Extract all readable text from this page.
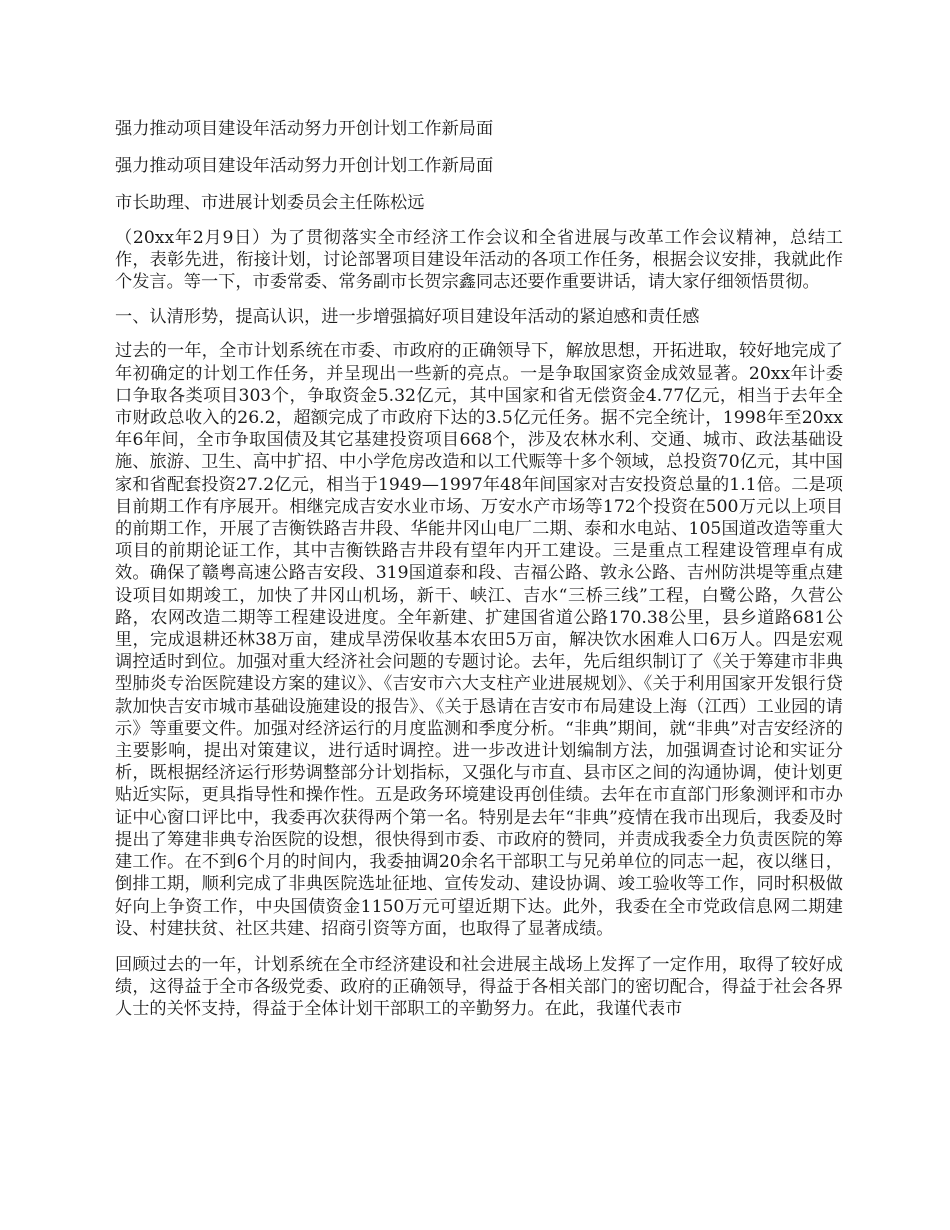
强力推动项目建设年活动努力开创计划工作新局面

强力推动项目建设年活动努力开创计划工作新局面

市长助理、市进展计划委员会主任陈松远

（20xx年2月9日）为了贯彻落实全市经济工作会议和全省进展与改革工作会议精神，总结工作，表彰先进，衔接计划，讨论部署项目建设年活动的各项工作任务，根据会议安排，我就此作个发言。等一下，市委常委、常务副市长贺宗鑫同志还要作重要讲话，请大家仔细领悟贯彻。

一、认清形势，提高认识，进一步增强搞好项目建设年活动的紧迫感和责任感

过去的一年，全市计划系统在市委、市政府的正确领导下，解放思想，开拓进取，较好地完成了年初确定的计划工作任务，并呈现出一些新的亮点。一是争取国家资金成效显著。20xx年计委口争取各类项目303个，争取资金5.32亿元，其中国家和省无偿资金4.77亿元，相当于去年全市财政总收入的26.2，超额完成了市政府下达的3.5亿元任务。据不完全统计，1998年至20xx年6年间，全市争取国债及其它基建投资项目668个，涉及农林水利、交通、城市、政法基础设施、旅游、卫生、高中扩招、中小学危房改造和以工代赈等十多个领域，总投资70亿元，其中国家和省配套投资27.2亿元，相当于1949—1997年48年间国家对吉安投资总量的1.1倍。二是项目前期工作有序展开。相继完成吉安水业市场、万安水产市场等172个投资在500万元以上项目的前期工作，开展了吉衡铁路吉井段、华能井冈山电厂二期、泰和水电站、105国道改造等重大项目的前期论证工作，其中吉衡铁路吉井段有望年内开工建设。三是重点工程建设管理卓有成效。确保了赣粤高速公路吉安段、319国道泰和段、吉福公路、敦永公路、吉州防洪堤等重点建设项目如期竣工，加快了井冈山机场，新干、峡江、吉水“三桥三线”工程，白鹭公路，久营公路，农网改造二期等工程建设进度。全年新建、扩建国省道公路170.38公里，县乡道路681公里，完成退耕还林38万亩，建成旱涝保收基本农田5万亩，解决饮水困难人口6万人。四是宏观调控适时到位。加强对重大经济社会问题的专题讨论。去年，先后组织制订了《关于筹建市非典型肺炎专治医院建设方案的建议》、《吉安市六大支柱产业进展规划》、《关于利用国家开发银行贷款加快吉安市城市基础设施建设的报告》、《关于恳请在吉安市布局建设上海（江西）工业园的请示》等重要文件。加强对经济运行的月度监测和季度分析。“非典”期间，就“非典”对吉安经济的主要影响，提出对策建议，进行适时调控。进一步改进计划编制方法，加强调查讨论和实证分析，既根据经济运行形势调整部分计划指标，又强化与市直、县市区之间的沟通协调，使计划更贴近实际，更具指导性和操作性。五是政务环境建设再创佳绩。去年在市直部门形象测评和市办证中心窗口评比中，我委再次获得两个第一名。特别是去年“非典”疫情在我市出现后，我委及时提出了筹建非典专治医院的设想，很快得到市委、市政府的赞同，并责成我委全力负责医院的筹建工作。在不到6个月的时间内，我委抽调20余名干部职工与兄弟单位的同志一起，夜以继日，倒排工期，顺利完成了非典医院选址征地、宣传发动、建设协调、竣工验收等工作，同时积极做好向上争资工作，中央国债资金1150万元可望近期下达。此外，我委在全市党政信息网二期建设、村建扶贫、社区共建、招商引资等方面，也取得了显著成绩。

回顾过去的一年，计划系统在全市经济建设和社会进展主战场上发挥了一定作用，取得了较好成绩，这得益于全市各级党委、政府的正确领导，得益于各相关部门的密切配合，得益于社会各界人士的关怀支持，得益于全体计划干部职工的辛勤努力。在此，我谨代表市
